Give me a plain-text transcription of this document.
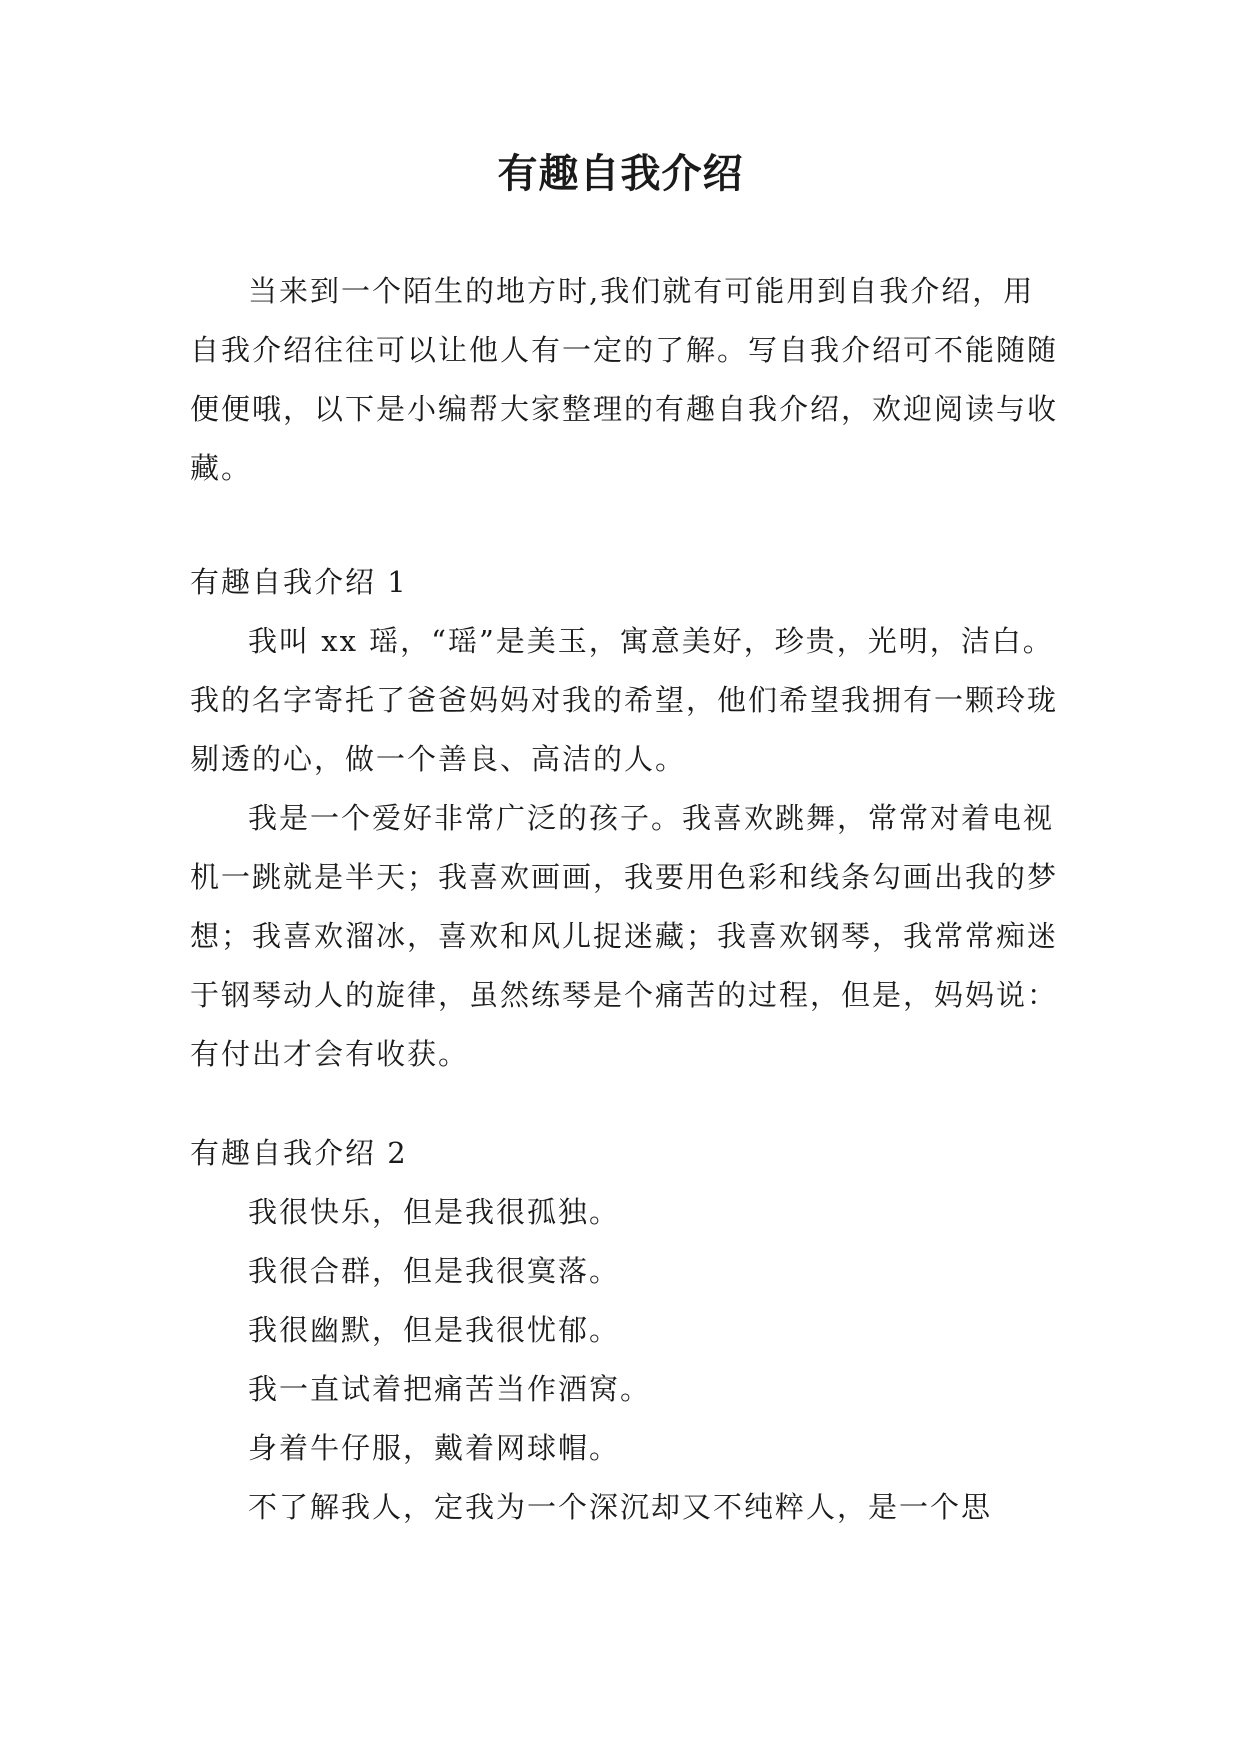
有趣自我介绍

当来到一个陌生的地方时,我们就有可能用到自我介绍，用自我介绍往往可以让他人有一定的了解。写自我介绍可不能随随便便哦，以下是小编帮大家整理的有趣自我介绍，欢迎阅读与收藏。

有趣自我介绍 1

我叫 xx 瑶，“瑶”是美玉，寓意美好，珍贵，光明，洁白。我的名字寄托了爸爸妈妈对我的希望，他们希望我拥有一颗玲珑剔透的心，做一个善良、高洁的人。

我是一个爱好非常广泛的孩子。我喜欢跳舞，常常对着电视机一跳就是半天；我喜欢画画，我要用色彩和线条勾画出我的梦想；我喜欢溜冰，喜欢和风儿捉迷藏；我喜欢钢琴，我常常痴迷于钢琴动人的旋律，虽然练琴是个痛苦的过程，但是，妈妈说：有付出才会有收获。

有趣自我介绍 2

我很快乐，但是我很孤独。

我很合群，但是我很寞落。

我很幽默，但是我很忧郁。

我一直试着把痛苦当作酒窝。

身着牛仔服，戴着网球帽。

不了解我人，定我为一个深沉却又不纯粹人，是一个思
